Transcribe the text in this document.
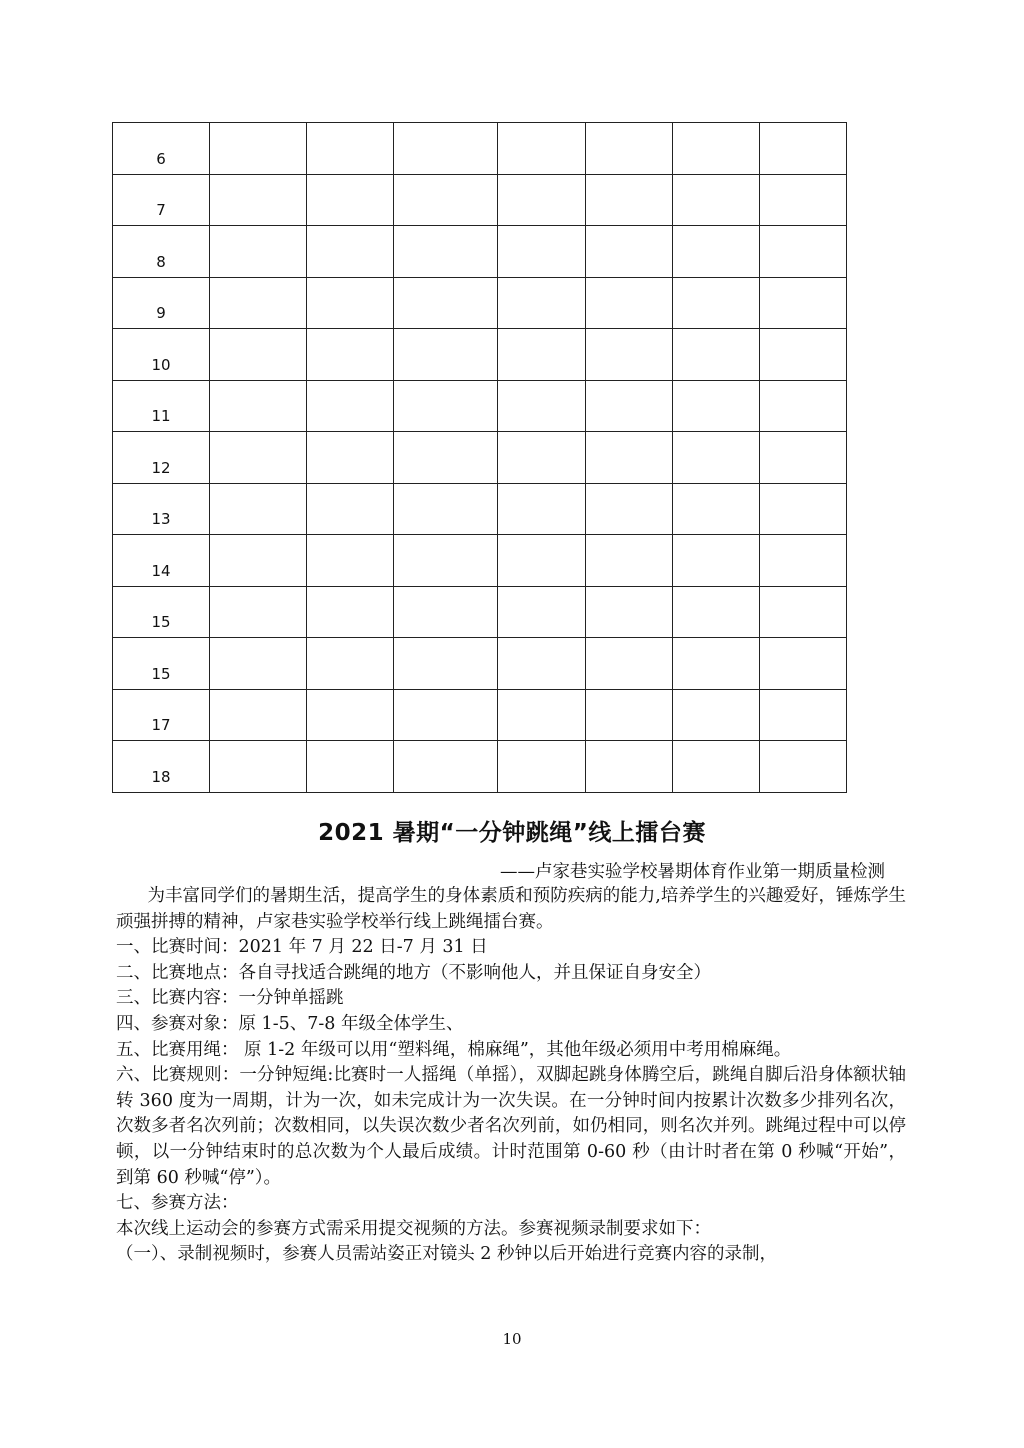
6							
7							
8							
9							
10							
11							
12							
13							
14							
15							
15							
17							
18							
2021 暑期“一分钟跳绳”线上擂台赛
——卢家巷实验学校暑期体育作业第一期质量检测

为丰富同学们的暑期生活，提高学生的身体素质和预防疾病的能力,培养学生的兴趣爱好，锤炼学生顽强拼搏的精神，卢家巷实验学校举行线上跳绳擂台赛。

一、比赛时间：2021 年 7 月 22 日-7 月 31 日

二、比赛地点：各自寻找适合跳绳的地方（不影响他人，并且保证自身安全）

三、比赛内容：一分钟单摇跳

四、参赛对象：原 1-5、7-8 年级全体学生、

五、比赛用绳： 原 1-2 年级可以用“塑料绳，棉麻绳”，其他年级必须用中考用棉麻绳。

六、比赛规则：一分钟短绳:比赛时一人摇绳（单摇），双脚起跳身体腾空后，跳绳自脚后沿身体额状轴转 360 度为一周期，计为一次，如未完成计为一次失误。在一分钟时间内按累计次数多少排列名次，次数多者名次列前；次数相同，以失误次数少者名次列前，如仍相同，则名次并列。跳绳过程中可以停顿，以一分钟结束时的总次数为个人最后成绩。计时范围第 0-60 秒（由计时者在第 0 秒喊“开始”，到第 60 秒喊“停”）。

七、参赛方法：

本次线上运动会的参赛方式需采用提交视频的方法。参赛视频录制要求如下：

（一）、录制视频时，参赛人员需站姿正对镜头 2 秒钟以后开始进行竞赛内容的录制，

10
